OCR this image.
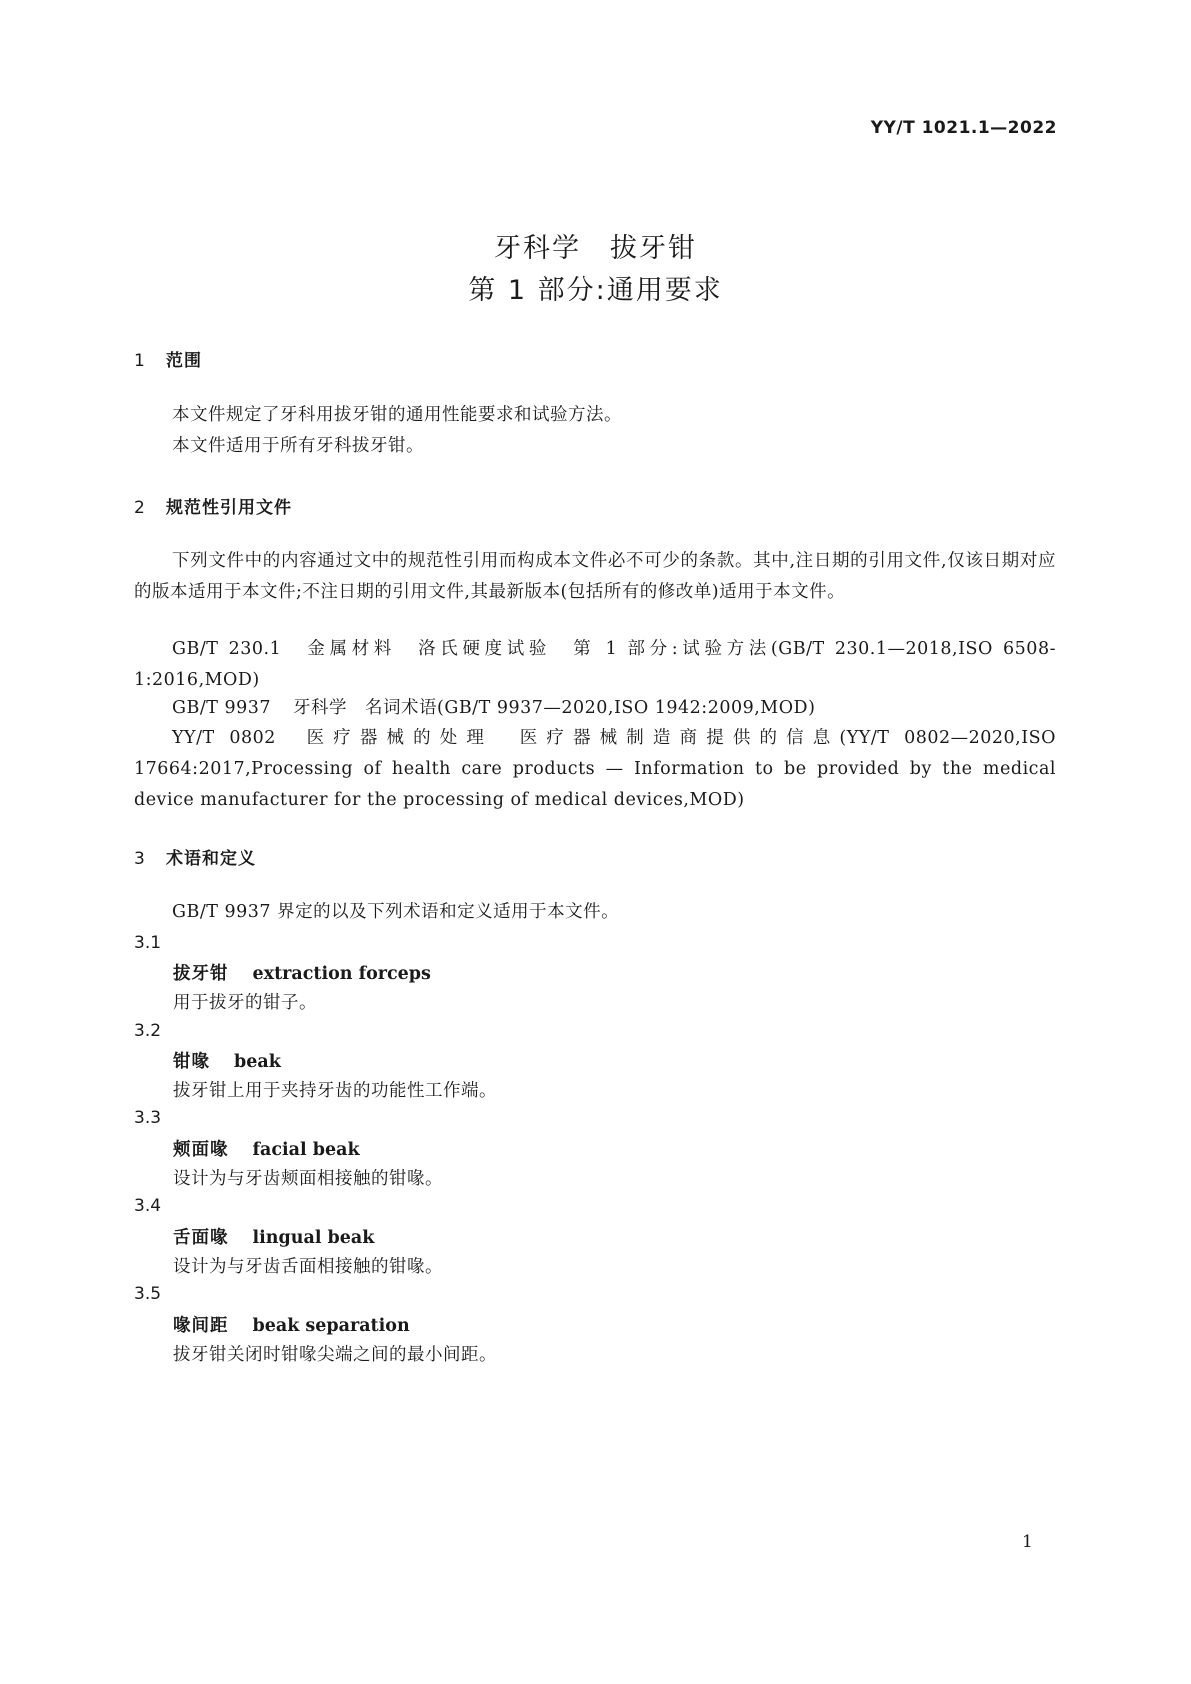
YY/T 1021.1—2022
牙科学　拔牙钳
第 1 部分:通用要求
1 范围
本文件规定了牙科用拔牙钳的通用性能要求和试验方法。
本文件适用于所有牙科拔牙钳。
2 规范性引用文件
下列文件中的内容通过文中的规范性引用而构成本文件必不可少的条款。其中,注日期的引用文件,仅该日期对应的版本适用于本文件;不注日期的引用文件,其最新版本(包括所有的修改单)适用于本文件。
GB/T 230.1 金属材料　洛氏硬度试验　第 1 部分:试验方法(GB/T 230.1—2018,ISO 6508-1:2016,MOD)
GB/T 9937 牙科学　名词术语(GB/T 9937—2020,ISO 1942:2009,MOD)
YY/T 0802 医疗器械的处理　医疗器械制造商提供的信息(YY/T 0802—2020,ISO 17664:2017,Processing of health care products — Information to be provided by the medical device manufacturer for the processing of medical devices,MOD)
3 术语和定义
GB/T 9937 界定的以及下列术语和定义适用于本文件。
3.1
拔牙钳 extraction forceps
用于拔牙的钳子。
3.2
钳喙 beak
拔牙钳上用于夹持牙齿的功能性工作端。
3.3
颊面喙 facial beak
设计为与牙齿颊面相接触的钳喙。
3.4
舌面喙 lingual beak
设计为与牙齿舌面相接触的钳喙。
3.5
喙间距 beak separation
拔牙钳关闭时钳喙尖端之间的最小间距。
1
